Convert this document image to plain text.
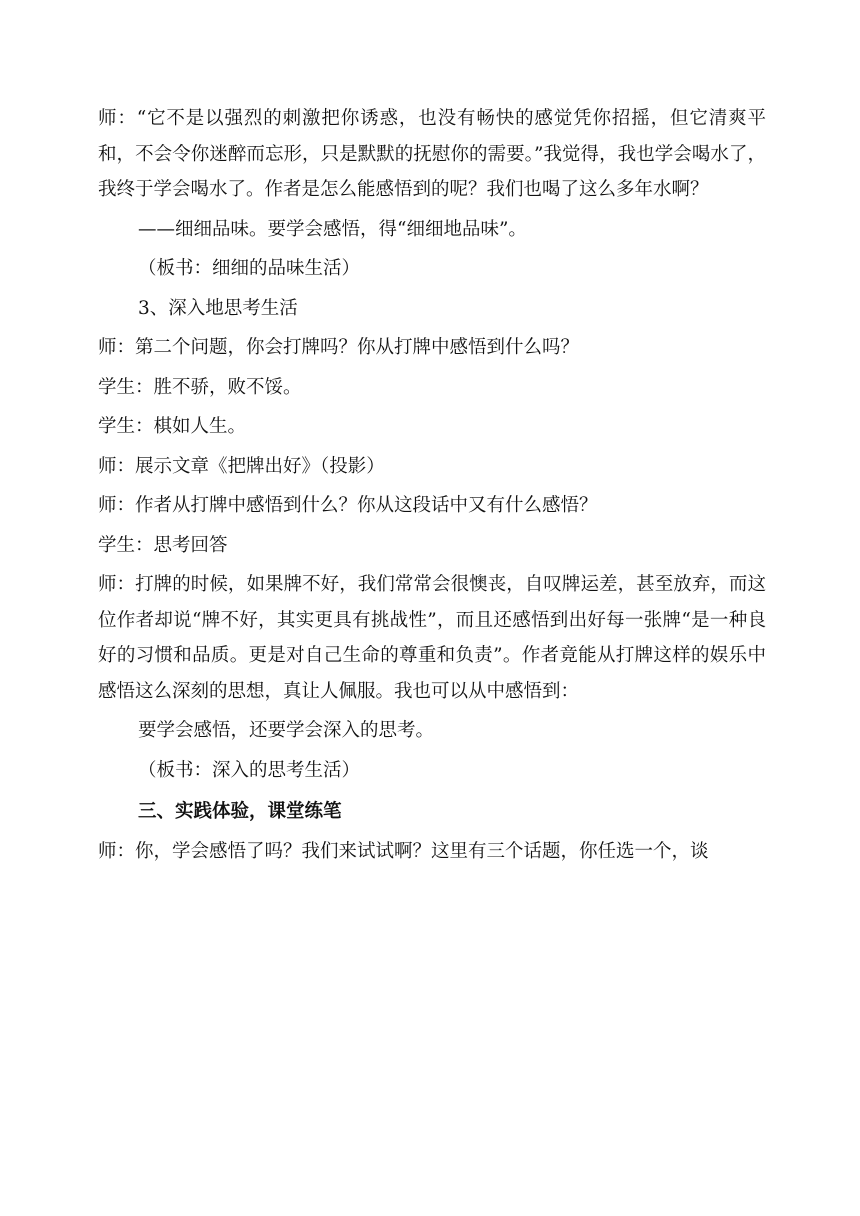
师：“它不是以强烈的刺激把你诱惑，也没有畅快的感觉凭你招摇，但它清爽平和，不会令你迷醉而忘形，只是默默的抚慰你的需要。”我觉得，我也学会喝水了，我终于学会喝水了。作者是怎么能感悟到的呢？我们也喝了这么多年水啊？

——细细品味。要学会感悟，得“细细地品味”。

（板书：细细的品味生活）

3、深入地思考生活

师：第二个问题，你会打牌吗？你从打牌中感悟到什么吗？

学生：胜不骄，败不馁。

学生：棋如人生。

师：展示文章《把牌出好》（投影）

师：作者从打牌中感悟到什么？你从这段话中又有什么感悟？

学生：思考回答

师：打牌的时候，如果牌不好，我们常常会很懊丧，自叹牌运差，甚至放弃，而这位作者却说“牌不好，其实更具有挑战性”，而且还感悟到出好每一张牌“是一种良好的习惯和品质。更是对自己生命的尊重和负责”。作者竟能从打牌这样的娱乐中感悟这么深刻的思想，真让人佩服。我也可以从中感悟到：

要学会感悟，还要学会深入的思考。

（板书：深入的思考生活）

三、实践体验，课堂练笔

师：你，学会感悟了吗？我们来试试啊？这里有三个话题，你任选一个，谈
